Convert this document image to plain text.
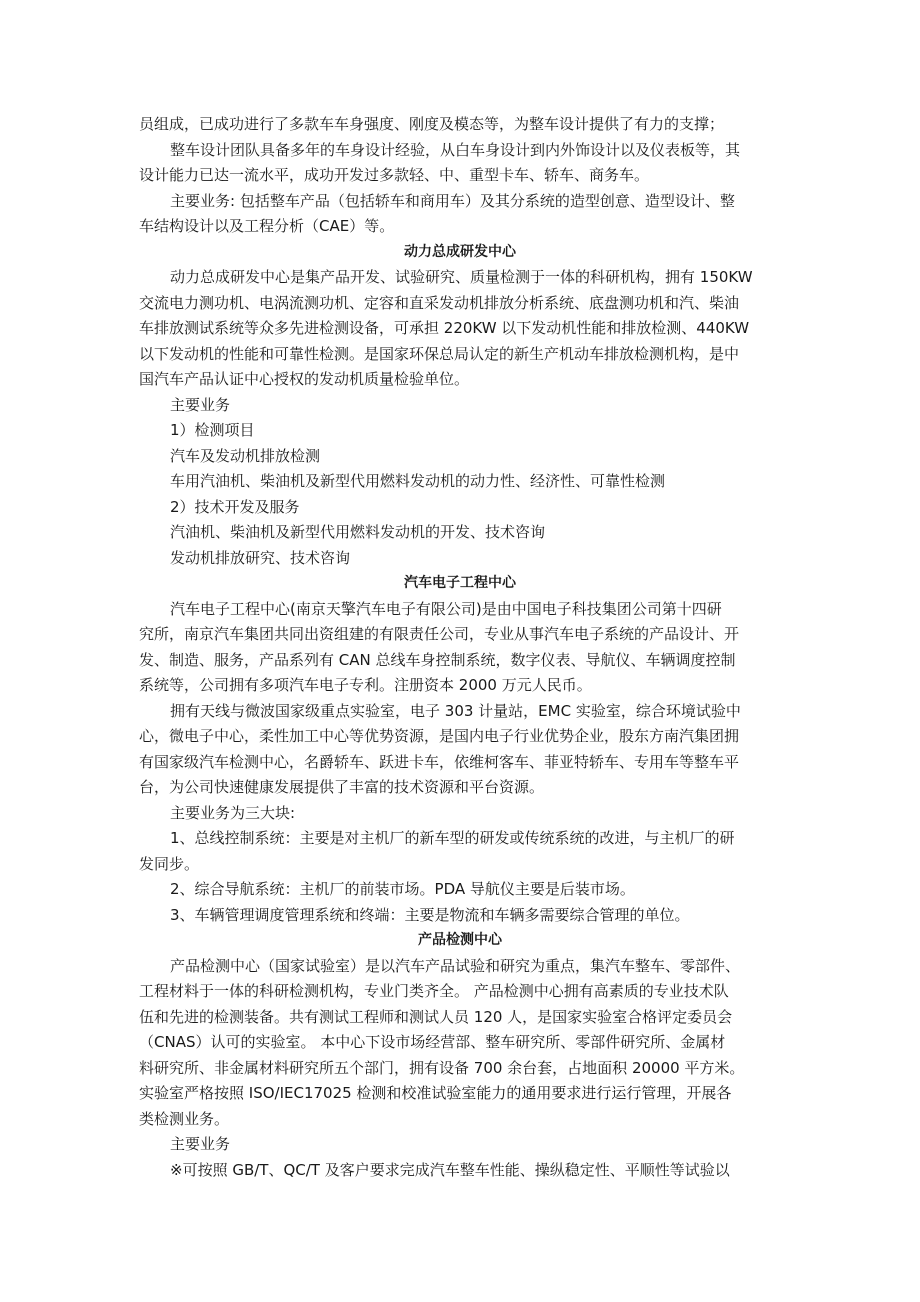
员组成，已成功进行了多款车车身强度、刚度及模态等，为整车设计提供了有力的支撑；

整车设计团队具备多年的车身设计经验，从白车身设计到内外饰设计以及仪表板等，其
设计能力已达一流水平，成功开发过多款轻、中、重型卡车、轿车、商务车。

主要业务: 包括整车产品（包括轿车和商用车）及其分系统的造型创意、造型设计、整
车结构设计以及工程分析（CAE）等。

动力总成研发中心

动力总成研发中心是集产品开发、试验研究、质量检测于一体的科研机构，拥有 150KW
交流电力测功机、电涡流测功机、定容和直采发动机排放分析系统、底盘测功机和汽、柴油
车排放测试系统等众多先进检测设备，可承担 220KW 以下发动机性能和排放检测、440KW
以下发动机的性能和可靠性检测。是国家环保总局认定的新生产机动车排放检测机构，是中
国汽车产品认证中心授权的发动机质量检验单位。

主要业务

1）检测项目

汽车及发动机排放检测

车用汽油机、柴油机及新型代用燃料发动机的动力性、经济性、可靠性检测

2）技术开发及服务

汽油机、柴油机及新型代用燃料发动机的开发、技术咨询

发动机排放研究、技术咨询

汽车电子工程中心

汽车电子工程中心(南京天擎汽车电子有限公司)是由中国电子科技集团公司第十四研
究所，南京汽车集团共同出资组建的有限责任公司，专业从事汽车电子系统的产品设计、开
发、制造、服务，产品系列有 CAN 总线车身控制系统，数字仪表、导航仪、车辆调度控制
系统等，公司拥有多项汽车电子专利。注册资本 2000 万元人民币。

拥有天线与微波国家级重点实验室，电子 303 计量站，EMC 实验室，综合环境试验中
心，微电子中心，柔性加工中心等优势资源，是国内电子行业优势企业，股东方南汽集团拥
有国家级汽车检测中心，名爵轿车、跃进卡车，依维柯客车、菲亚特轿车、专用车等整车平
台，为公司快速健康发展提供了丰富的技术资源和平台资源。

主要业务为三大块:

1、总线控制系统：主要是对主机厂的新车型的研发或传统系统的改进，与主机厂的研
发同步。

2、综合导航系统：主机厂的前装市场。PDA 导航仪主要是后装市场。

3、车辆管理调度管理系统和终端：主要是物流和车辆多需要综合管理的单位。

产品检测中心

产品检测中心（国家试验室）是以汽车产品试验和研究为重点，集汽车整车、零部件、
工程材料于一体的科研检测机构，专业门类齐全。 产品检测中心拥有高素质的专业技术队
伍和先进的检测装备。共有测试工程师和测试人员 120 人，是国家实验室合格评定委员会
（CNAS）认可的实验室。 本中心下设市场经营部、整车研究所、零部件研究所、金属材
料研究所、非金属材料研究所五个部门，拥有设备 700 余台套，占地面积 20000 平方米。
实验室严格按照 ISO/IEC17025 检测和校准试验室能力的通用要求进行运行管理，开展各
类检测业务。

主要业务

※可按照 GB/T、QC/T 及客户要求完成汽车整车性能、操纵稳定性、平顺性等试验以
